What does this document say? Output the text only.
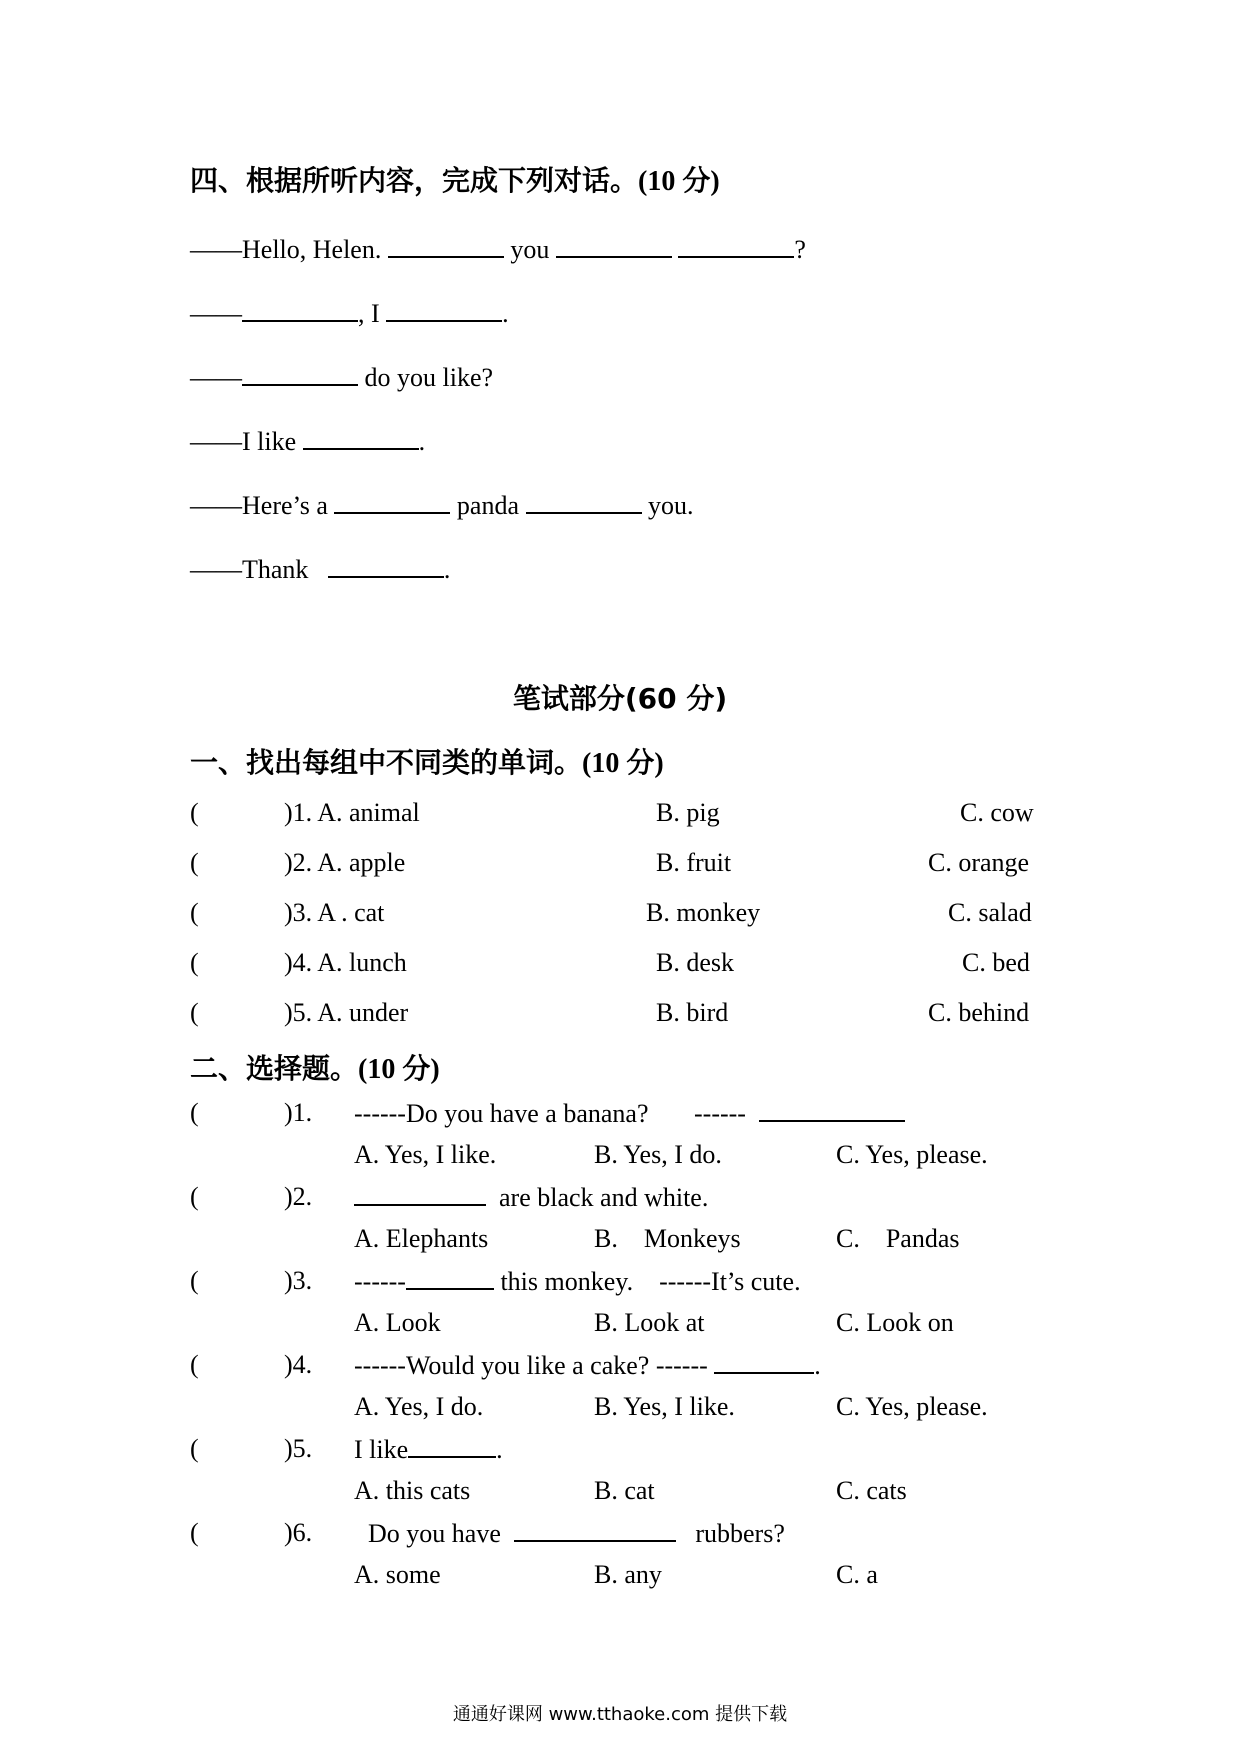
四、根据所听内容，完成下列对话。(10 分)
——Hello, Helen.	you	?
——	, I	.
——	do you like?
——I like	.
——Here’s a	panda	you.
——Thank	.
笔试部分(60 分)
一、找出每组中不同类的单词。(10 分)
(	)1. A. animal	B. pig	C. cow
(	)2. A. apple	B. fruit	C. orange
(	)3. A . cat	B. monkey	C. salad
(	)4. A. lunch	B. desk	C. bed
(	)5. A. under	B. bird	C. behind
二、选择题。(10 分)
(	)1. ------Do you have a banana? ------
A. Yes, I like.	B. Yes, I do.	C. Yes, please.
(	)2.	are black and white.
A. Elephants	B.    Monkeys	C.    Pandas
(	)3. ------	this monkey.    ------It’s cute.
A. Look	B. Look at	C. Look on
(	)4. ------Would you like a cake? ------	.
A. Yes, I do.	B. Yes, I like.	C. Yes, please.
(	)5. I like	.
A. this cats	B. cat	C. cats
(	)6. Do you have	rubbers?
A. some	B. any	C. a
通通好课网 www.tthaoke.com 提供下载
